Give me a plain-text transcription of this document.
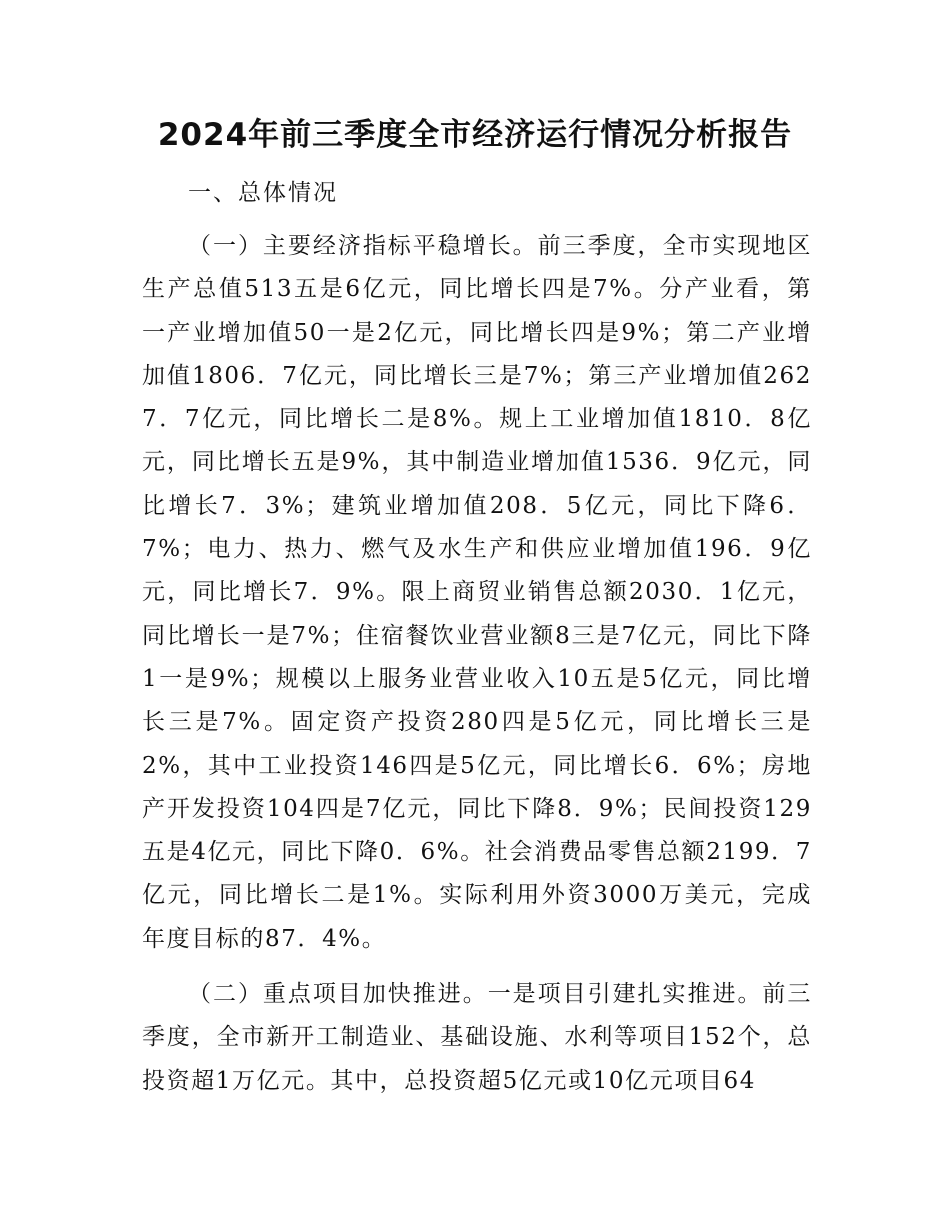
2024年前三季度全市经济运行情况分析报告
一、总体情况

（一）主要经济指标平稳增长。前三季度，全市实现地区生产总值513五是6亿元，同比增长四是7%。分产业看，第一产业增加值50一是2亿元，同比增长四是9%；第二产业增加值1806．7亿元，同比增长三是7%；第三产业增加值2627．7亿元，同比增长二是8%。规上工业增加值1810．8亿元，同比增长五是9%，其中制造业增加值1536．9亿元，同比增长7．3%；建筑业增加值208．5亿元，同比下降6．7%；电力、热力、燃气及水生产和供应业增加值196．9亿元，同比增长7．9%。限上商贸业销售总额2030．1亿元，同比增长一是7%；住宿餐饮业营业额8三是7亿元，同比下降1一是9%；规模以上服务业营业收入10五是5亿元，同比增长三是7%。固定资产投资280四是5亿元，同比增长三是2%，其中工业投资146四是5亿元，同比增长6．6%；房地产开发投资104四是7亿元，同比下降8．9%；民间投资129五是4亿元，同比下降0．6%。社会消费品零售总额2199．7亿元，同比增长二是1%。实际利用外资3000万美元，完成年度目标的87．4%。

（二）重点项目加快推进。一是项目引建扎实推进。前三季度，全市新开工制造业、基础设施、水利等项目152个，总投资超1万亿元。其中，总投资超5亿元或10亿元项目64
